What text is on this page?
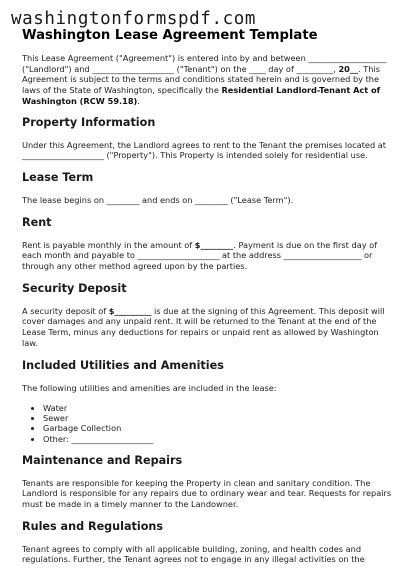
washingtonformspdf.com
Washington Lease Agreement Template

This Lease Agreement ("Agreement") is entered into by and between ___________________
("Landlord") and ____________________ ("Tenant") on the ____ day of _________, 20__. This
Agreement is subject to the terms and conditions stated herein and is governed by the
laws of the State of Washington, specifically the Residential Landlord-Tenant Act of
Washington (RCW 59.18).

Property Information

Under this Agreement, the Landlord agrees to rent to the Tenant the premises located at
____________________ ("Property"). This Property is intended solely for residential use.

Lease Term

The lease begins on ________ and ends on ________ ("Lease Term").

Rent

Rent is payable monthly in the amount of $________. Payment is due on the first day of
each month and payable to ____________________ at the address ___________________ or
through any other method agreed upon by the parties.

Security Deposit

A security deposit of $_________ is due at the signing of this Agreement. This deposit will
cover damages and any unpaid rent. It will be returned to the Tenant at the end of the
Lease Term, minus any deductions for repairs or unpaid rent as allowed by Washington
law.

Included Utilities and Amenities

The following utilities and amenities are included in the lease:

• Water
• Sewer
• Garbage Collection
• Other: ____________________
Maintenance and Repairs

Tenants are responsible for keeping the Property in clean and sanitary condition. The
Landlord is responsible for any repairs due to ordinary wear and tear. Requests for repairs
must be made in a timely manner to the Landowner.

Rules and Regulations

Tenant agrees to comply with all applicable building, zoning, and health codes and
regulations. Further, the Tenant agrees not to engage in any illegal activities on the
